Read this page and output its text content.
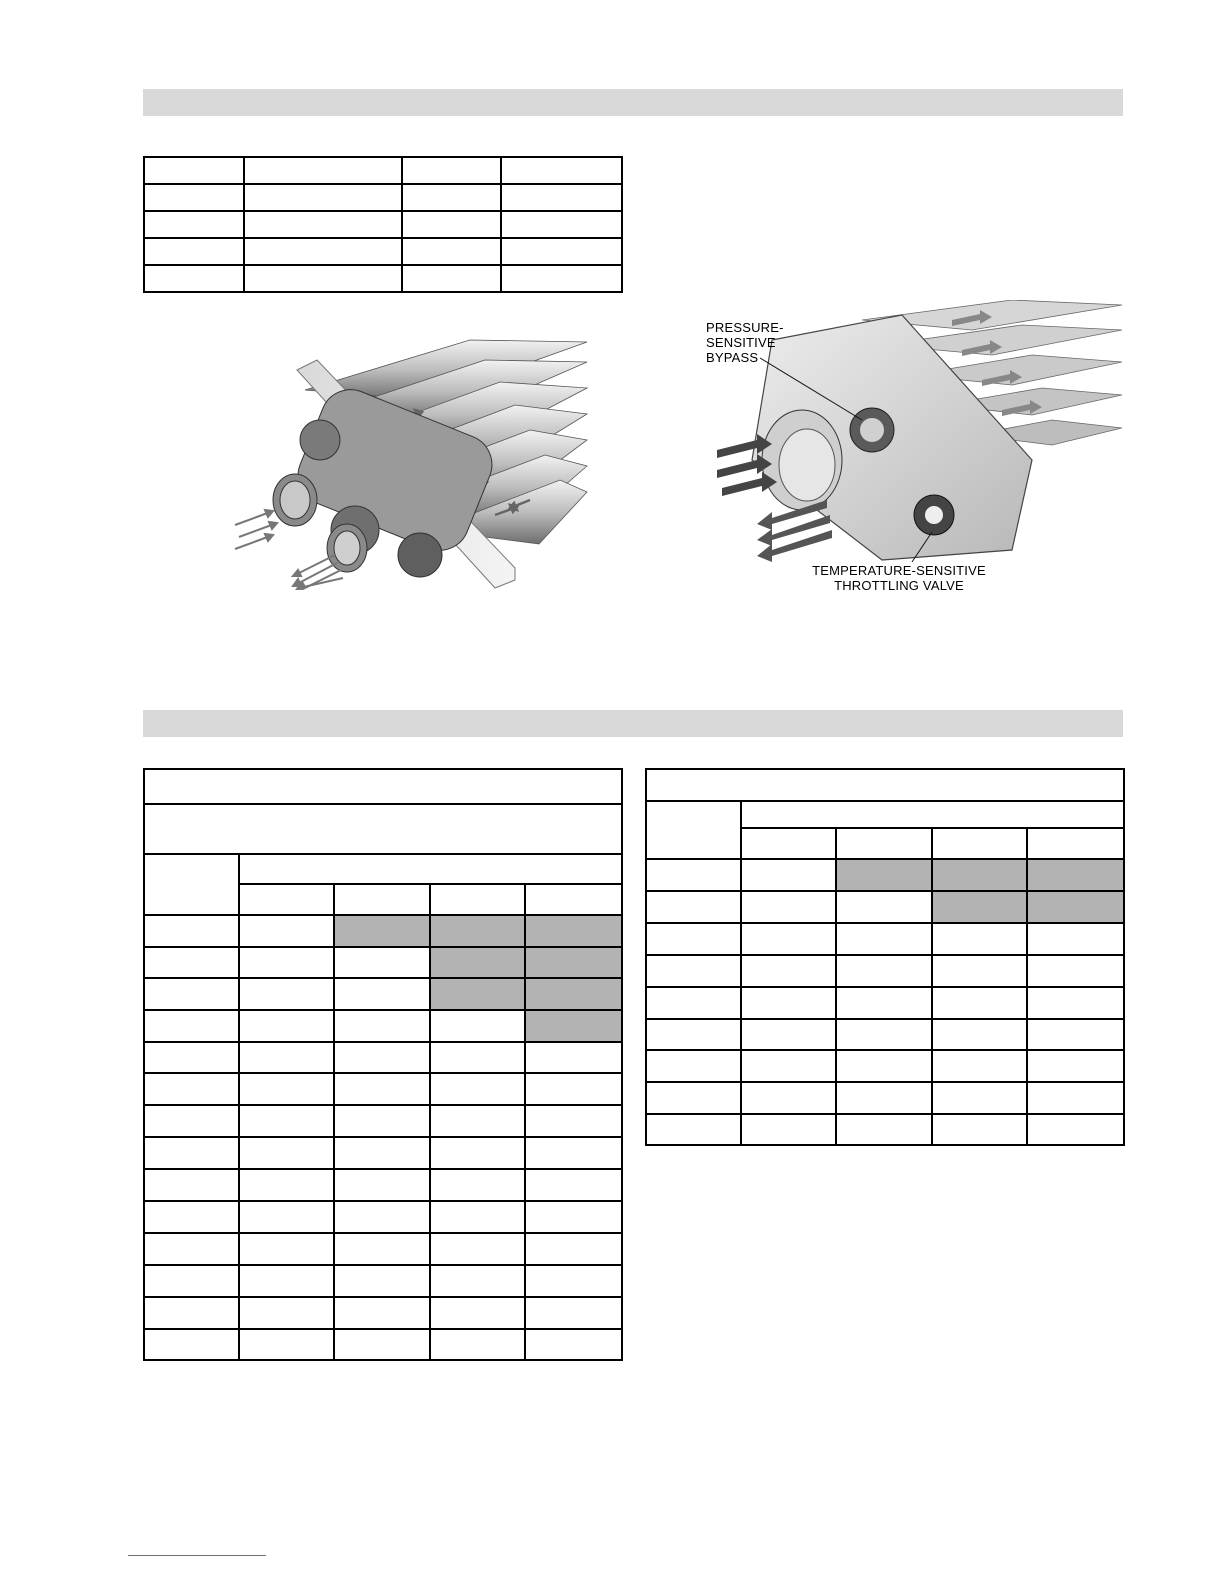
PRESSURE-
SENSITIVE
BYPASS
TEMPERATURE-SENSITIVE
THROTTLING VALVE
